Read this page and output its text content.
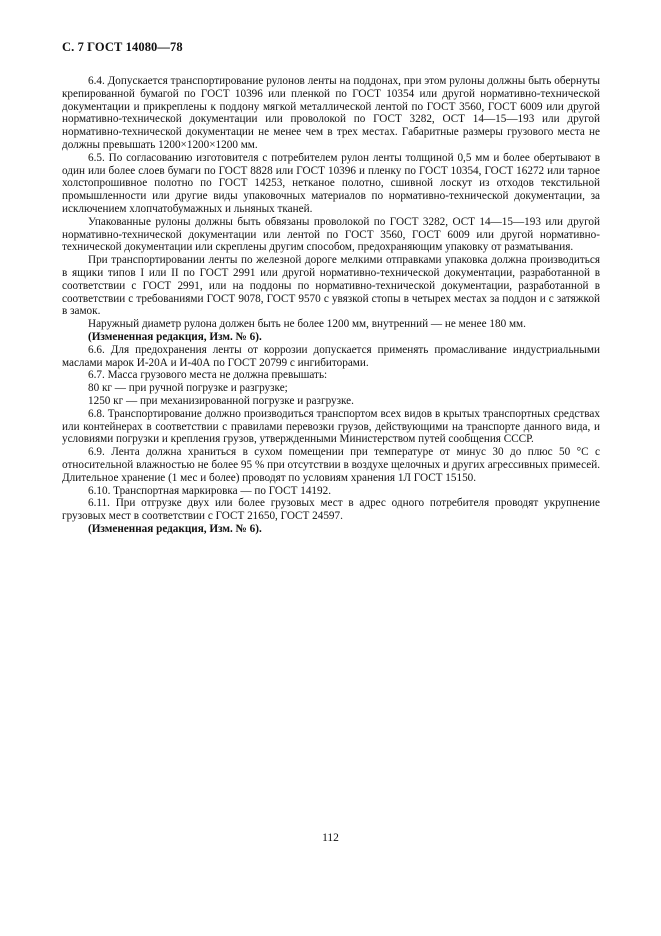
С. 7 ГОСТ 14080—78

6.4. Допускается транспортирование рулонов ленты на поддонах, при этом рулоны должны быть обернуты крепированной бумагой по ГОСТ 10396 или пленкой по ГОСТ 10354 или другой нормативно-технической документации и прикреплены к поддону мягкой металлической лентой по ГОСТ 3560, ГОСТ 6009 или другой нормативно-технической документации или проволокой по ГОСТ 3282, ОСТ 14—15—193 или другой нормативно-технической документации не менее чем в трех местах. Габаритные размеры грузового места не должны превышать 1200×1200×1200 мм.

6.5. По согласованию изготовителя с потребителем рулон ленты толщиной 0,5 мм и более обертывают в один или более слоев бумаги по ГОСТ 8828 или ГОСТ 10396 и пленку по ГОСТ 10354, ГОСТ 16272 или тарное холстопрошивное полотно по ГОСТ 14253, нетканое полотно, сшивной лоскут из отходов текстильной промышленности или другие виды упаковочных материалов по нормативно-технической документации, за исключением хлопчатобумажных и льняных тканей.

Упакованные рулоны должны быть обвязаны проволокой по ГОСТ 3282, ОСТ 14—15—193 или другой нормативно-технической документации или лентой по ГОСТ 3560, ГОСТ 6009 или другой нормативно-технической документации или скреплены другим способом, предохраняющим упаковку от разматывания.

При транспортировании ленты по железной дороге мелкими отправками упаковка должна производиться в ящики типов I или II по ГОСТ 2991 или другой нормативно-технической документации, разработанной в соответствии с ГОСТ 2991, или на поддоны по нормативно-технической документации, разработанной в соответствии с требованиями ГОСТ 9078, ГОСТ 9570 с увязкой стопы в четырех местах за поддон и с затяжкой в замок.

Наружный диаметр рулона должен быть не более 1200 мм, внутренний — не менее 180 мм.

(Измененная редакция, Изм. № 6).

6.6. Для предохранения ленты от коррозии допускается применять промасливание индустриальными маслами марок И-20А и И-40А по ГОСТ 20799 с ингибиторами.

6.7. Масса грузового места не должна превышать:

80 кг — при ручной погрузке и разгрузке;

1250 кг — при механизированной погрузке и разгрузке.

6.8. Транспортирование должно производиться транспортом всех видов в крытых транспортных средствах или контейнерах в соответствии с правилами перевозки грузов, действующими на транспорте данного вида, и условиями погрузки и крепления грузов, утвержденными Министерством путей сообщения СССР.

6.9. Лента должна храниться в сухом помещении при температуре от минус 30 до плюс 50 °С с относительной влажностью не более 95 % при отсутствии в воздухе щелочных и других агрессивных примесей. Длительное хранение (1 мес и более) проводят по условиям хранения 1Л ГОСТ 15150.

6.10. Транспортная маркировка — по ГОСТ 14192.

6.11. При отгрузке двух или более грузовых мест в адрес одного потребителя проводят укрупнение грузовых мест в соответствии с ГОСТ 21650, ГОСТ 24597.

(Измененная редакция, Изм. № 6).

112
